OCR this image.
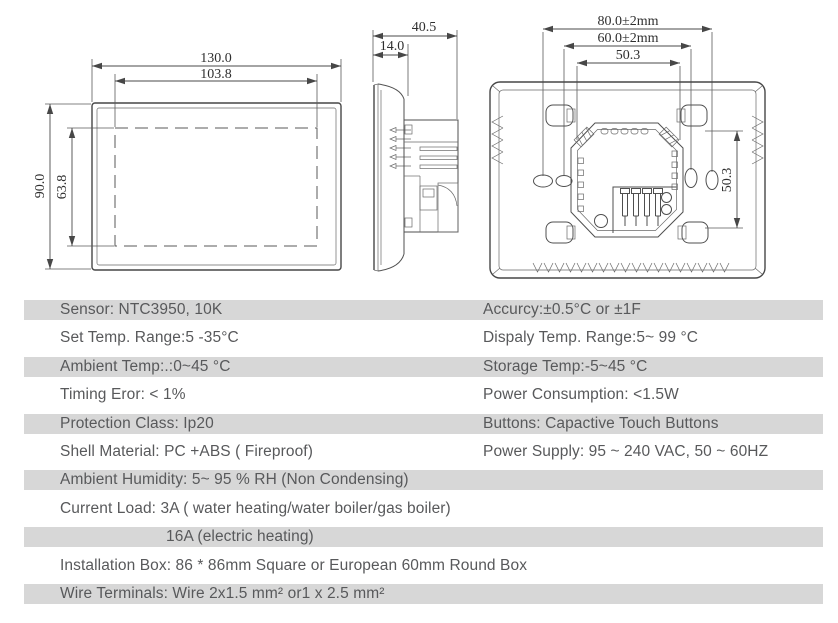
130.0
103.8
90.0 63.8
40.5
14.0
80.0±2mm
60.0±2mm
50.3
50.3
Sensor: NTC3950, 10K	Accurcy:±0.5°C or ±1F
Set Temp. Range:5 -35°C	Dispaly Temp. Range:5~ 99 °C
Ambient Temp:.:0~45 °C	Storage Temp:-5~45 °C
Timing Eror: < 1%	Power Consumption: <1.5W
Protection Class: Ip20	Buttons: Capactive Touch Buttons
Shell Material: PC +ABS ( Fireproof)	Power Supply: 95 ~ 240 VAC, 50 ~ 60HZ
Ambient Humidity: 5~ 95 % RH (Non Condensing)
Current Load: 3A ( water heating/water boiler/gas boiler)
16A (electric heating)
Installation Box: 86 * 86mm Square or European 60mm Round Box
Wire Terminals: Wire 2x1.5 mm² or1 x 2.5 mm²
